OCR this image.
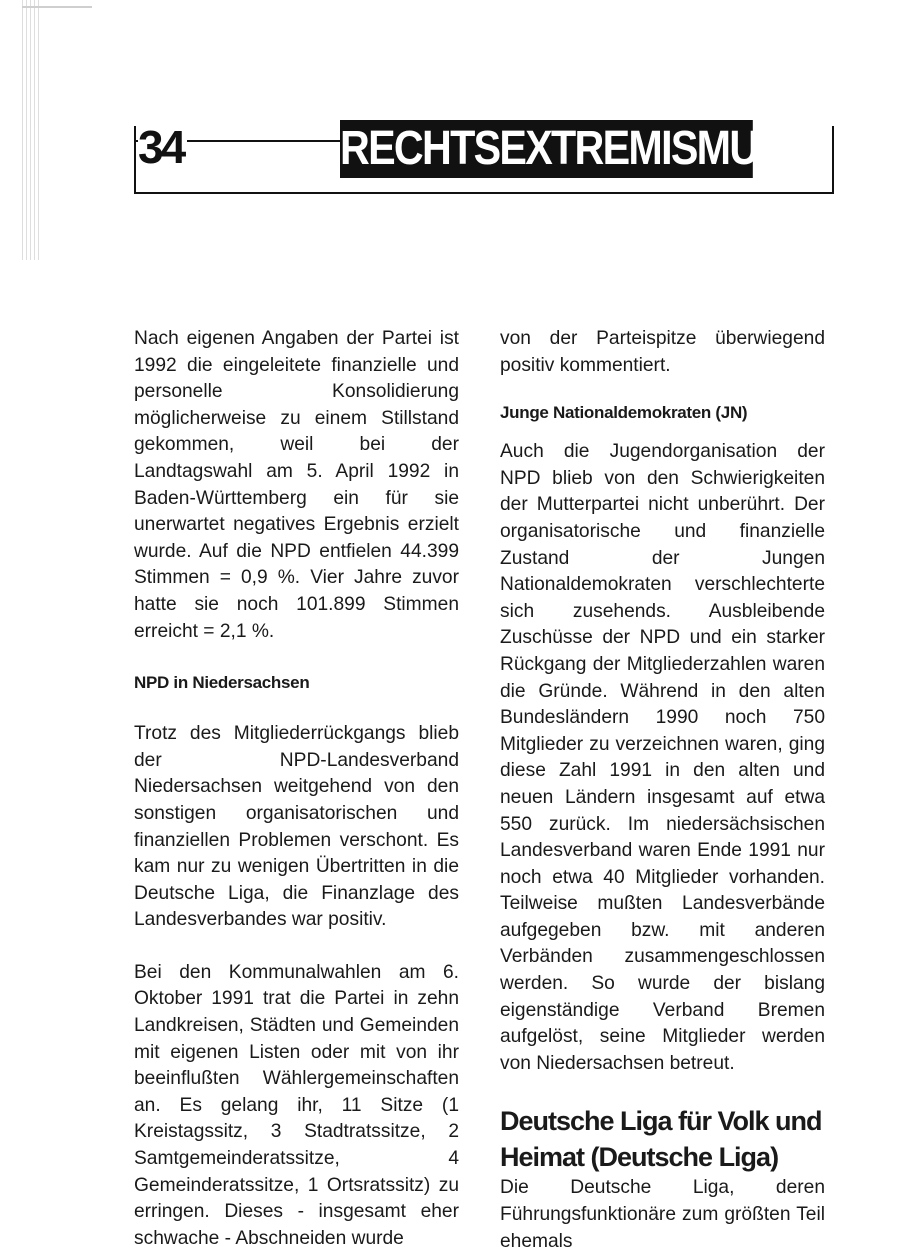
34	RECHTSEXTREMISMUS

Nach eigenen Angaben der Partei ist 1992 die eingeleitete finanzielle und personelle Konsolidierung möglicherweise zu einem Stillstand gekommen, weil bei der Landtagswahl am 5. April 1992 in Baden-Württemberg ein für sie unerwartet negatives Ergebnis erzielt wurde. Auf die NPD entfielen 44.399 Stimmen = 0,9 %. Vier Jahre zuvor hatte sie noch 101.899 Stimmen erreicht = 2,1 %.

NPD in Niedersachsen

Trotz des Mitgliederrückgangs blieb der NPD-Landesverband Niedersachsen weitgehend von den sonstigen organisatorischen und finanziellen Problemen verschont. Es kam nur zu wenigen Übertritten in die Deutsche Liga, die Finanzlage des Landesverbandes war positiv.

Bei den Kommunalwahlen am 6. Oktober 1991 trat die Partei in zehn Landkreisen, Städten und Gemeinden mit eigenen Listen oder mit von ihr beeinflußten Wählergemeinschaften an. Es gelang ihr, 11 Sitze (1 Kreistagssitz, 3 Stadtratssitze, 2 Samtgemeinderatssitze, 4 Gemeinderatssitze, 1 Ortsratssitz) zu erringen. Dieses - insgesamt eher schwache - Abschneiden wurde

von der Parteispitze überwiegend positiv kommentiert.

Junge Nationaldemokraten (JN)

Auch die Jugendorganisation der NPD blieb von den Schwierigkeiten der Mutterpartei nicht unberührt. Der organisatorische und finanzielle Zustand der Jungen Nationaldemokraten verschlechterte sich zusehends. Ausbleibende Zuschüsse der NPD und ein starker Rückgang der Mitgliederzahlen waren die Gründe. Während in den alten Bundesländern 1990 noch 750 Mitglieder zu verzeichnen waren, ging diese Zahl 1991 in den alten und neuen Ländern insgesamt auf etwa 550 zurück. Im niedersächsischen Landesverband waren Ende 1991 nur noch etwa 40 Mitglieder vorhanden. Teilweise mußten Landesverbände aufgegeben bzw. mit anderen Verbänden zusammengeschlossen werden. So wurde der bislang eigenständige Verband Bremen aufgelöst, seine Mitglieder werden von Niedersachsen betreut.

Deutsche Liga für Volk und Heimat (Deutsche Liga)

Die Deutsche Liga, deren Führungsfunktionäre zum größten Teil ehemals
